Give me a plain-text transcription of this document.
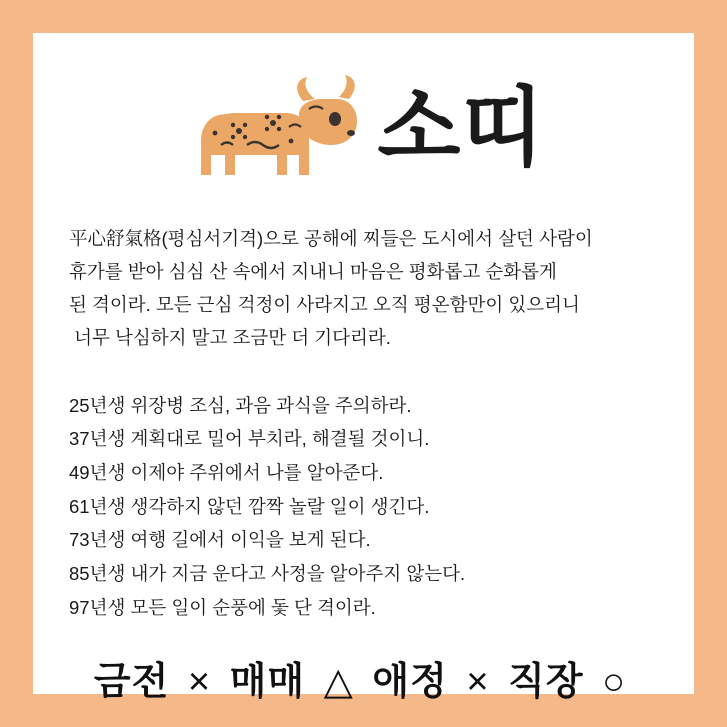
소띠

平心舒氣格(평심서기격)으로 공해에 찌들은 도시에서 살던 사람이

휴가를 받아 심심 산 속에서 지내니 마음은 평화롭고 순화롭게

된 격이라. 모든 근심 걱정이 사라지고 오직 평온함만이 있으리니

너무 낙심하지 말고 조금만 더 기다리라.

25년생 위장병 조심, 과음 과식을 주의하라.

37년생 계획대로 밀어 부치라, 해결될 것이니.

49년생 이제야 주위에서 나를 알아준다.

61년생 생각하지 않던 깜짝 놀랄 일이 생긴다.

73년생 여행 길에서 이익을 보게 된다.

85년생 내가 지금 운다고 사정을 알아주지 않는다.

97년생 모든 일이 순풍에 돛 단 격이라.

금전 × 매매 △ 애정 × 직장 ○
